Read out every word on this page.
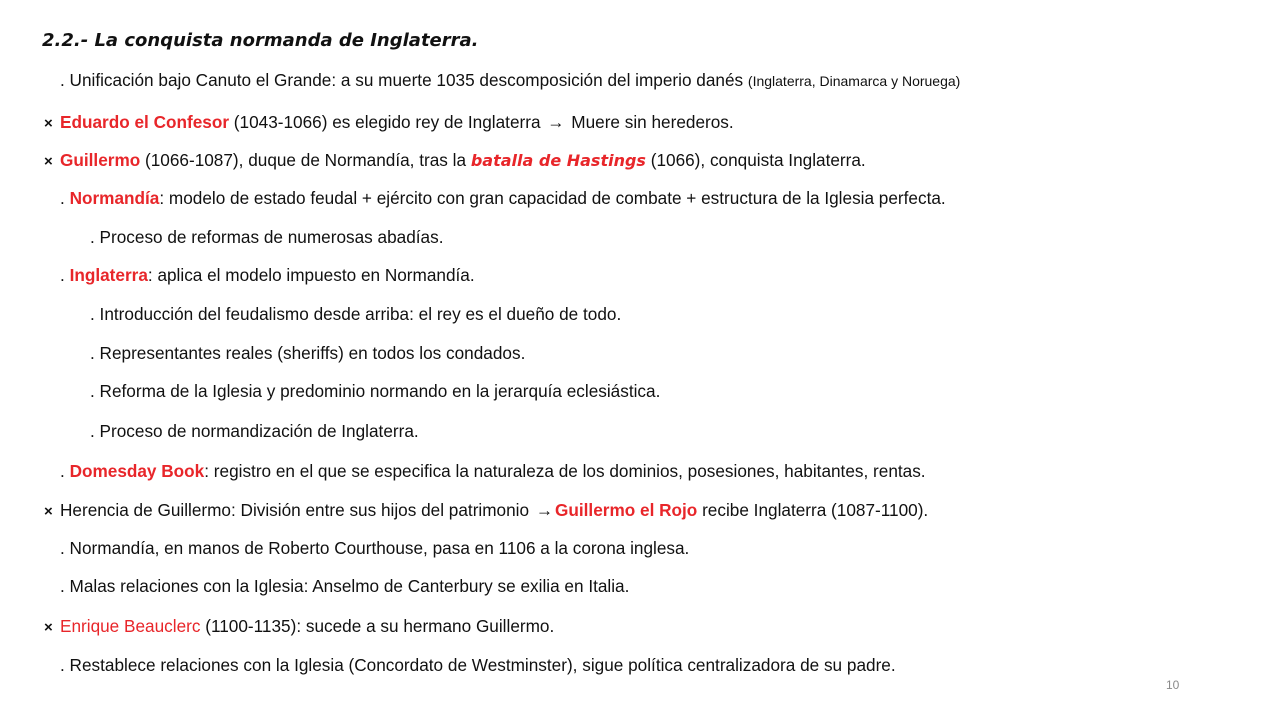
2.2.- La conquista normanda de Inglaterra.
. Unificación bajo Canuto el Grande: a su muerte 1035 descomposición del imperio danés (Inglaterra, Dinamarca y Noruega)
× Eduardo el Confesor (1043-1066) es elegido rey de Inglaterra → Muere sin herederos.
× Guillermo (1066-1087), duque de Normandía, tras la batalla de Hastings (1066), conquista Inglaterra.
. Normandía: modelo de estado feudal + ejército con gran capacidad de combate + estructura de la Iglesia perfecta.
. Proceso de reformas de numerosas abadías.
. Inglaterra: aplica el modelo impuesto en Normandía.
. Introducción del feudalismo desde arriba: el rey es el dueño de todo.
. Representantes reales (sheriffs) en todos los condados.
. Reforma de la Iglesia y predominio normando en la jerarquía eclesiástica.
. Proceso de normandización de Inglaterra.
. Domesday Book: registro en el que se especifica la naturaleza de los dominios, posesiones, habitantes, rentas.
× Herencia de Guillermo: División entre sus hijos del patrimonio → Guillermo el Rojo recibe Inglaterra (1087-1100).
. Normandía, en manos de Roberto Courthouse, pasa en 1106 a la corona inglesa.
. Malas relaciones con la Iglesia: Anselmo de Canterbury se exilia en Italia.
× Enrique Beauclerc (1100-1135): sucede a su hermano Guillermo.
. Restablece relaciones con la Iglesia (Concordato de Westminster), sigue política centralizadora de su padre.
10
